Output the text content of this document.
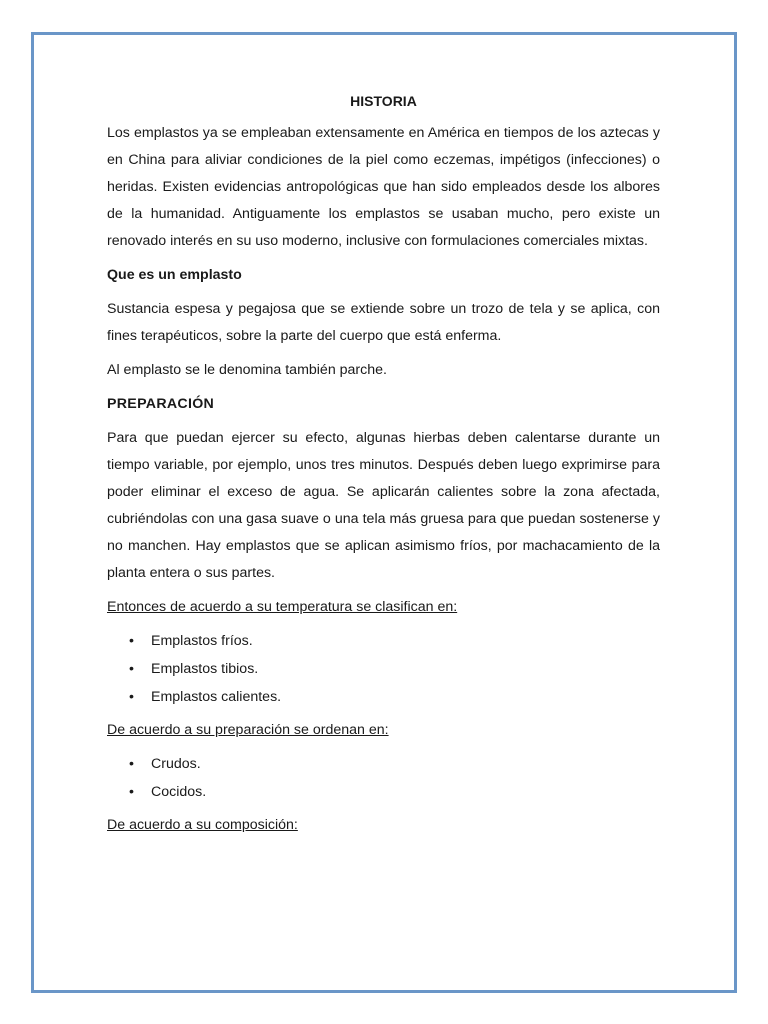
HISTORIA

Los emplastos ya se empleaban extensamente en América en tiempos de los aztecas y en China para aliviar condiciones de la piel como eczemas, impétigos (infecciones) o heridas. Existen evidencias antropológicas que han sido empleados desde los albores de la humanidad. Antiguamente los emplastos se usaban mucho, pero existe un renovado interés en su uso moderno, inclusive con formulaciones comerciales mixtas.

Que es un emplasto

Sustancia espesa y pegajosa que se extiende sobre un trozo de tela y se aplica, con fines terapéuticos, sobre la parte del cuerpo que está enferma.

Al emplasto se le denomina también parche.

PREPARACIÓN

Para que puedan ejercer su efecto, algunas hierbas deben calentarse durante un tiempo variable, por ejemplo, unos tres minutos. Después deben luego exprimirse para poder eliminar el exceso de agua. Se aplicarán calientes sobre la zona afectada, cubriéndolas con una gasa suave o una tela más gruesa para que puedan sostenerse y no manchen. Hay emplastos que se aplican asimismo fríos, por machacamiento de la planta entera o sus partes.

Entonces de acuerdo a su temperatura se clasifican en:

• Emplastos fríos.
• Emplastos tibios.
• Emplastos calientes.

De acuerdo a su preparación se ordenan en:

• Crudos.
• Cocidos.

De acuerdo a su composición:
